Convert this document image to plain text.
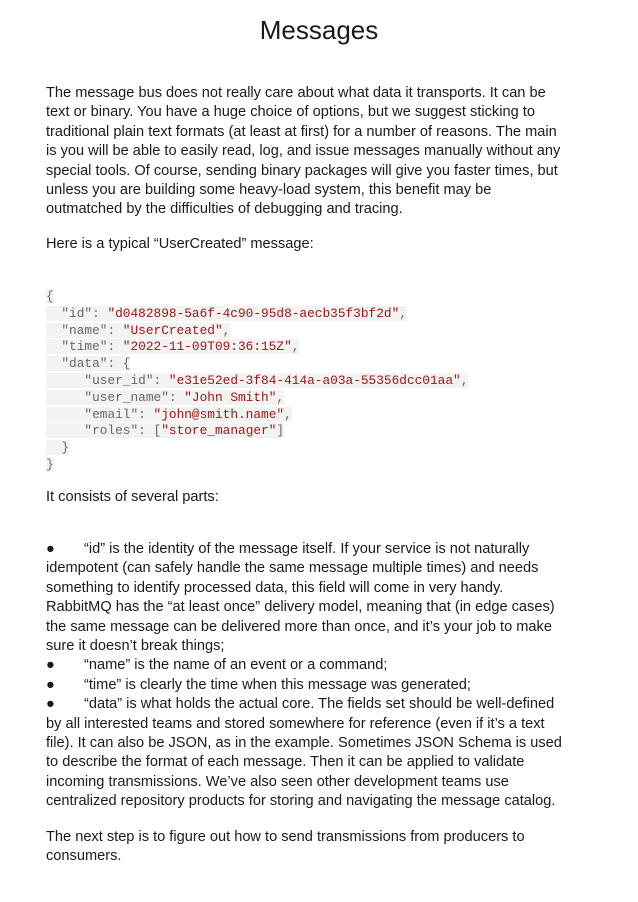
Messages

The message bus does not really care about what data it transports. It can be text or binary. You have a huge choice of options, but we suggest sticking to traditional plain text formats (at least at first) for a number of reasons. The main is you will be able to easily read, log, and issue messages manually without any special tools. Of course, sending binary packages will give you faster times, but unless you are building some heavy-load system, this benefit may be outmatched by the difficulties of debugging and tracing.

Here is a typical “UserCreated” message:

{
"id": "d0482898-5a6f-4c90-95d8-aecb35f3bf2d",
"name": "UserCreated",
"time": "2022-11-09T09:36:15Z",
"data": {
"user_id": "e31e52ed-3f84-414a-a03a-55356dcc01aa",
"user_name": "John Smith",
"email": "john@smith.name",
"roles": ["store_manager"]
}
}

It consists of several parts:

● “id” is the identity of the message itself. If your service is not naturally
idempotent (can safely handle the same message multiple times) and needs something to identify processed data, this field will come in very handy. RabbitMQ has the “at least once” delivery model, meaning that (in edge cases) the same message can be delivered more than once, and it’s your job to make sure it doesn’t break things;

● “name” is the name of an event or a command;

● “time” is clearly the time when this message was generated;

● “data” is what holds the actual core. The fields set should be well-defined
by all interested teams and stored somewhere for reference (even if it’s a text file). It can also be JSON, as in the example. Sometimes JSON Schema is used to describe the format of each message. Then it can be applied to validate incoming transmissions. We’ve also seen other development teams use centralized repository products for storing and navigating the message catalog.

The next step is to figure out how to send transmissions from producers to consumers.
